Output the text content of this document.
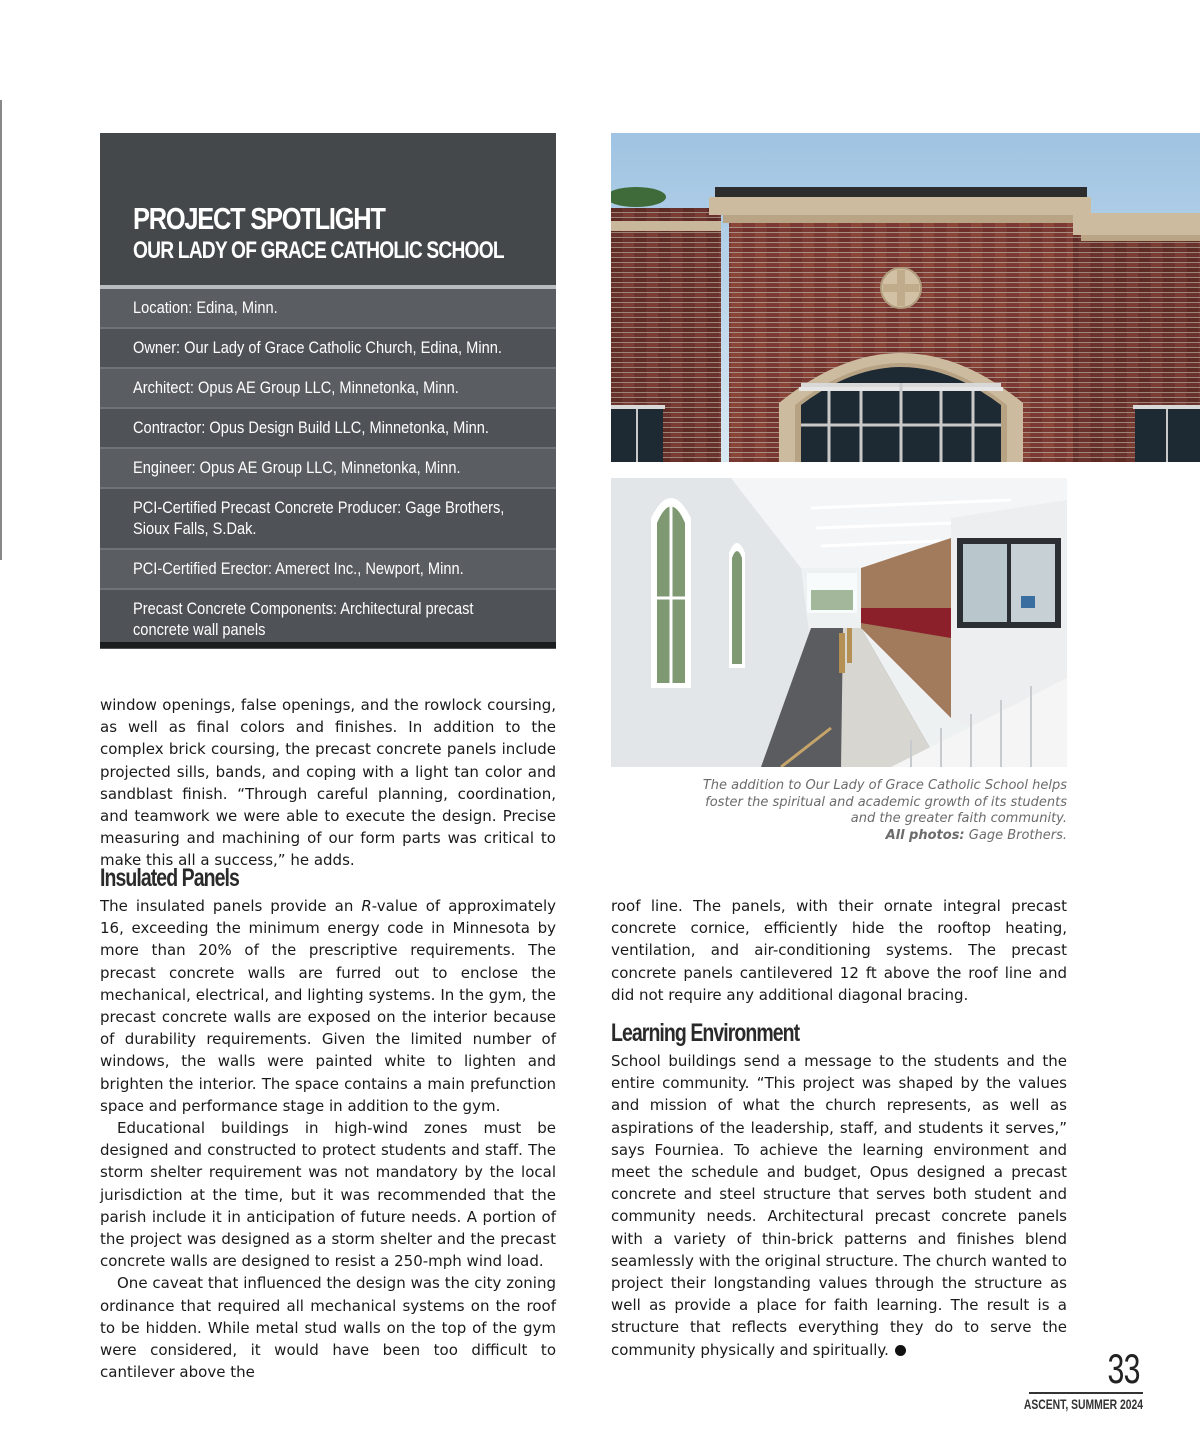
PROJECT SPOTLIGHT
OUR LADY OF GRACE CATHOLIC SCHOOL
Location: Edina, Minn.
Owner: Our Lady of Grace Catholic Church, Edina, Minn.
Architect: Opus AE Group LLC, Minnetonka, Minn.
Contractor: Opus Design Build LLC, Minnetonka, Minn.
Engineer: Opus AE Group LLC, Minnetonka, Minn.
PCI-Certified Precast Concrete Producer: Gage Brothers,
Sioux Falls, S.Dak.
PCI-Certified Erector: Amerect Inc., Newport, Minn.
Precast Concrete Components: Architectural precast
concrete wall panels
The addition to Our Lady of Grace Catholic School helps foster the spiritual and academic growth of its students and the greater faith community.
All photos: Gage Brothers.

window openings, false openings, and the rowlock coursing, as well as final colors and finishes. In addition to the complex brick coursing, the precast concrete panels include projected sills, bands, and coping with a light tan color and sandblast finish. “Through careful planning, coordination, and teamwork we were able to execute the design. Precise measuring and machining of our form parts was critical to make this all a success,” he adds.

Insulated Panels

The insulated panels provide an R-value of approximately 16, exceeding the minimum energy code in Minnesota by more than 20% of the prescriptive requirements. The precast concrete walls are furred out to enclose the mechanical, electrical, and lighting systems. In the gym, the precast concrete walls are exposed on the interior because of durability requirements. Given the limited number of windows, the walls were painted white to lighten and brighten the interior. The space contains a main prefunction space and performance stage in addition to the gym.

Educational buildings in high-wind zones must be designed and constructed to protect students and staff. The storm shelter requirement was not mandatory by the local jurisdiction at the time, but it was recommended that the parish include it in anticipation of future needs. A portion of the project was designed as a storm shelter and the precast concrete walls are designed to resist a 250-mph wind load.

One caveat that influenced the design was the city zoning ordinance that required all mechanical systems on the roof to be hidden. While metal stud walls on the top of the gym were considered, it would have been too difficult to cantilever above the

roof line. The panels, with their ornate integral precast concrete cornice, efficiently hide the rooftop heating, ventilation, and air-conditioning systems. The precast concrete panels cantilevered 12 ft above the roof line and did not require any additional diagonal bracing.

Learning Environment

School buildings send a message to the students and the entire community. “This project was shaped by the values and mission of what the church represents, as well as aspirations of the leadership, staff, and students it serves,” says Fourniea. To achieve the learning environment and meet the schedule and budget, Opus designed a precast concrete and steel structure that serves both student and community needs. Architectural precast concrete panels with a variety of thin-brick patterns and finishes blend seamlessly with the original structure. The church wanted to project their longstanding values through the structure as well as provide a place for faith learning. The result is a structure that reflects everything they do to serve the community physically and spiritually.	33
ASCENT, SUMMER 2024
